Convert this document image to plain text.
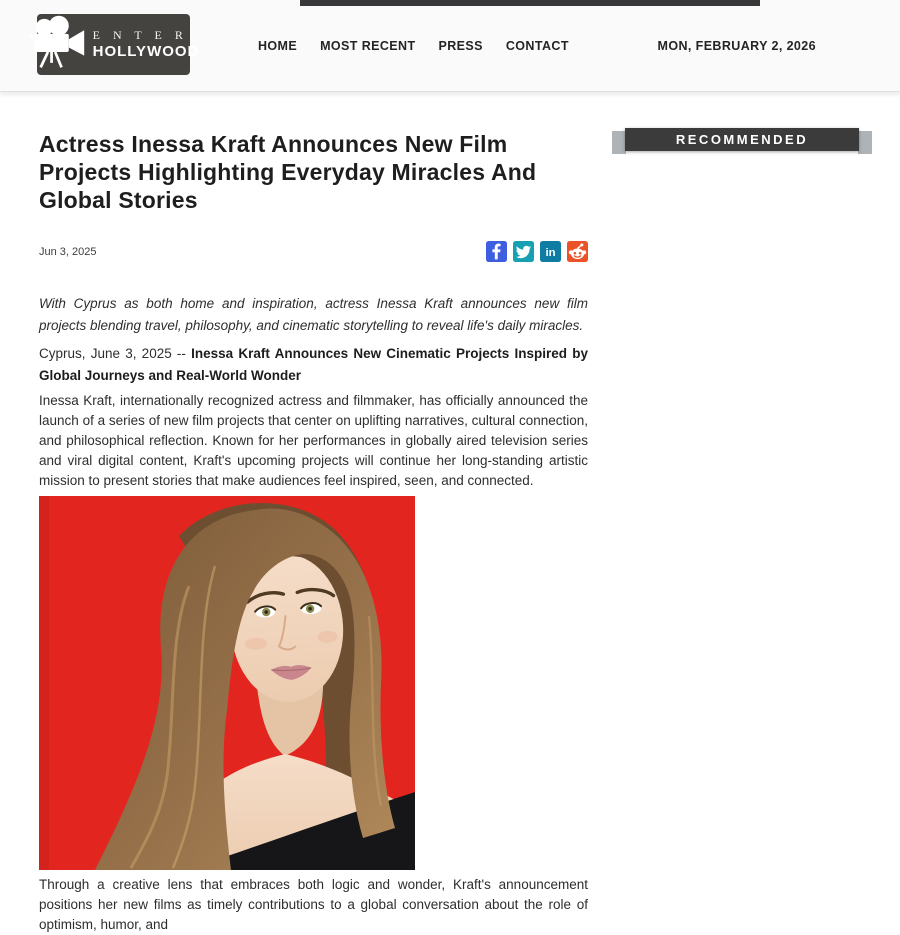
E N T E R
HOLLYWOOD	HOME MOST RECENT PRESS CONTACT	MON, FEBRUARY 2, 2026
Actress Inessa Kraft Announces New Film Projects Highlighting Everyday Miracles And Global Stories
Jun 3, 2025	in

With Cyprus as both home and inspiration, actress Inessa Kraft announces new film projects blending travel, philosophy, and cinematic storytelling to reveal life's daily miracles.

Cyprus, June 3, 2025 -- Inessa Kraft Announces New Cinematic Projects Inspired by Global Journeys and Real-World Wonder

Inessa Kraft, internationally recognized actress and filmmaker, has officially announced the launch of a series of new film projects that center on uplifting narratives, cultural connection, and philosophical reflection. Known for her performances in globally aired television series and viral digital content, Kraft's upcoming projects will continue her long-standing artistic mission to present stories that make audiences feel inspired, seen, and connected.

Through a creative lens that embraces both logic and wonder, Kraft's announcement positions her new films as timely contributions to a global conversation about the role of optimism, humor, and

RECOMMENDED
